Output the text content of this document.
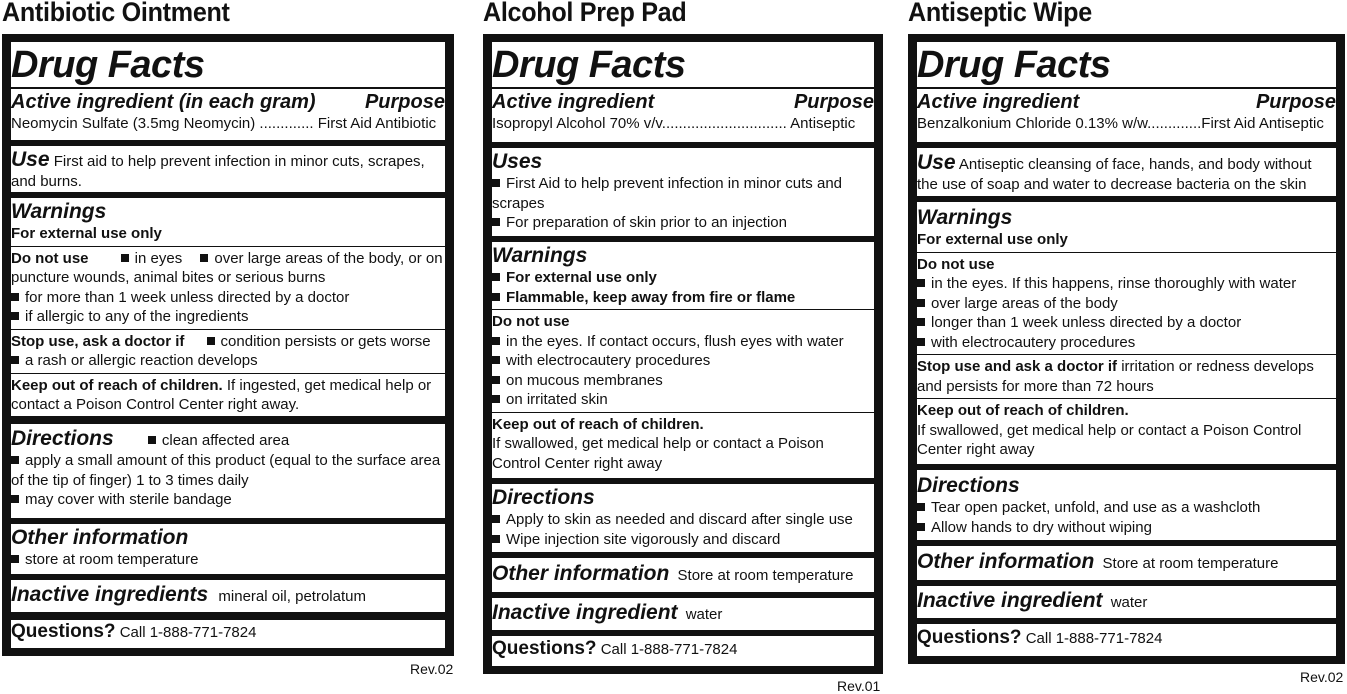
Antibiotic Ointment
Drug Facts
Active ingredient (in each gram) Purpose
Neomycin Sulfate (3.5mg Neomycin) ............. First Aid Antibiotic
Use First aid to help prevent infection in minor cuts, scrapes, and burns.
Warnings
For external use only
Do not use	in eyes over large areas of the body, or on puncture wounds, animal bites or serious burns
for more than 1 week unless directed by a doctor
if allergic to any of the ingredients
Stop use, ask a doctor if condition persists or gets worse
a rash or allergic reaction develops
Keep out of reach of children. If ingested, get medical help or contact a Poison Control Center right away.
Directions	clean affected area
apply a small amount of this product (equal to the surface area of the tip of finger) 1 to 3 times daily
may cover with sterile bandage
Other information
store at room temperature
Inactive ingredients mineral oil, petrolatum
Questions? Call 1-888-771-7824
Rev.02
Alcohol Prep Pad
Drug Facts
Active ingredient	Purpose
Isopropyl Alcohol 70% v/v.............................. Antiseptic
Uses
First Aid to help prevent infection in minor cuts and scrapes
For preparation of skin prior to an injection
Warnings
For external use only
Flammable, keep away from fire or flame
Do not use
in the eyes. If contact occurs, flush eyes with water
with electrocautery procedures
on mucous membranes
on irritated skin
Keep out of reach of children.
If swallowed, get medical help or contact a Poison Control Center right away
Directions
Apply to skin as needed and discard after single use
Wipe injection site vigorously and discard
Other information Store at room temperature
Inactive ingredient water
Questions? Call 1-888-771-7824
Rev.01
Antiseptic Wipe
Drug Facts
Active ingredient	Purpose
Benzalkonium Chloride 0.13% w/w.............First Aid Antiseptic
Use Antiseptic cleansing of face, hands, and body without the use of soap and water to decrease bacteria on the skin
Warnings
For external use only
Do not use
in the eyes. If this happens, rinse thoroughly with water
over large areas of the body
longer than 1 week unless directed by a doctor
with electrocautery procedures
Stop use and ask a doctor if irritation or redness develops and persists for more than 72 hours
Keep out of reach of children.
If swallowed, get medical help or contact a Poison Control Center right away
Directions
Tear open packet, unfold, and use as a washcloth
Allow hands to dry without wiping
Other information Store at room temperature
Inactive ingredient water
Questions? Call 1-888-771-7824
Rev.02
